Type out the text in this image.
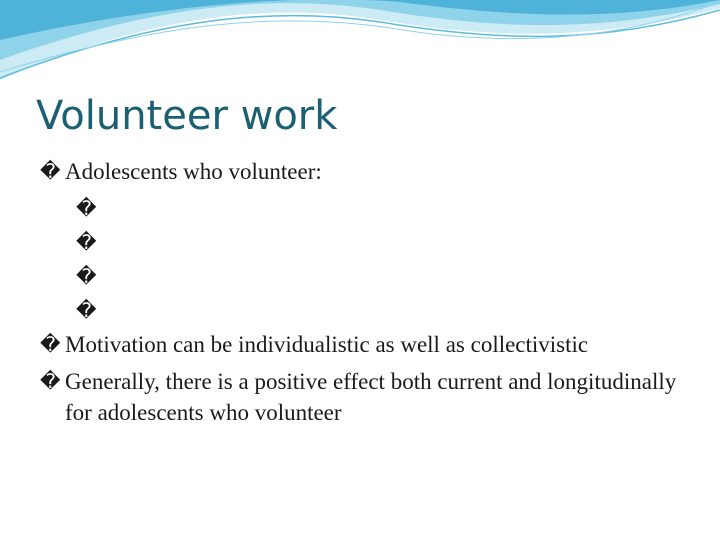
Volunteer work

� Adolescents who volunteer:

�
�
�
�

� Motivation can be individualistic as well as collectivistic

� Generally, there is a positive effect both current and longitudinally for adolescents who volunteer
